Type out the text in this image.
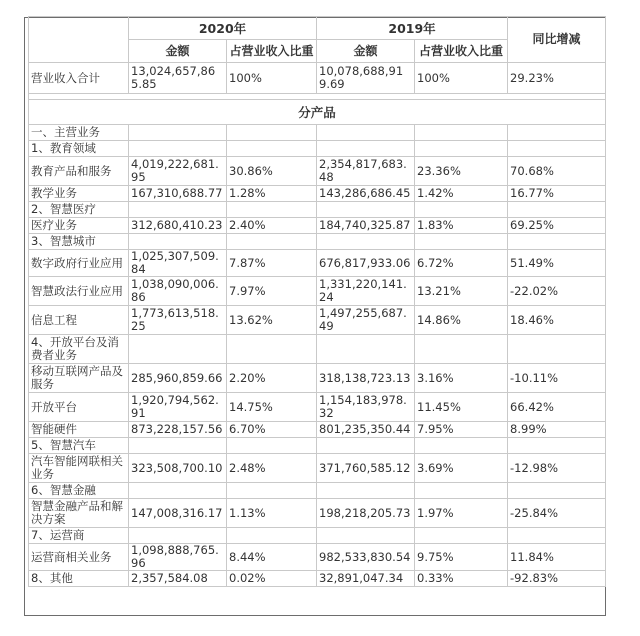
	2020年		2019年		同比增减
	金额	占营业收入比重	金额	占营业收入比重	
营业收入合计	13,024,657,865.85	100%	10,078,688,919.69	100%	29.23%

分产品					
一、主营业务					
1、教育领域					
教育产品和服务	4,019,222,681.95	30.86%	2,354,817,683.48	23.36%	70.68%
教学业务	167,310,688.77	1.28%	143,286,686.45	1.42%	16.77%
2、智慧医疗					
医疗业务	312,680,410.23	2.40%	184,740,325.87	1.83%	69.25%
3、智慧城市					
数字政府行业应用	1,025,307,509.84	7.87%	676,817,933.06	6.72%	51.49%
智慧政法行业应用	1,038,090,006.86	7.97%	1,331,220,141.24	13.21%	-22.02%
信息工程	1,773,613,518.25	13.62%	1,497,255,687.49	14.86%	18.46%
4、开放平台及消费者业务					
移动互联网产品及服务	285,960,859.66	2.20%	318,138,723.13	3.16%	-10.11%
开放平台	1,920,794,562.91	14.75%	1,154,183,978.32	11.45%	66.42%
智能硬件	873,228,157.56	6.70%	801,235,350.44	7.95%	8.99%
5、智慧汽车					
汽车智能网联相关业务	323,508,700.10	2.48%	371,760,585.12	3.69%	-12.98%
6、智慧金融					
智慧金融产品和解决方案	147,008,316.17	1.13%	198,218,205.73	1.97%	-25.84%
7、运营商					
运营商相关业务	1,098,888,765.96	8.44%	982,533,830.54	9.75%	11.84%
8、其他	2,357,584.08	0.02%	32,891,047.34	0.33%	-92.83%
